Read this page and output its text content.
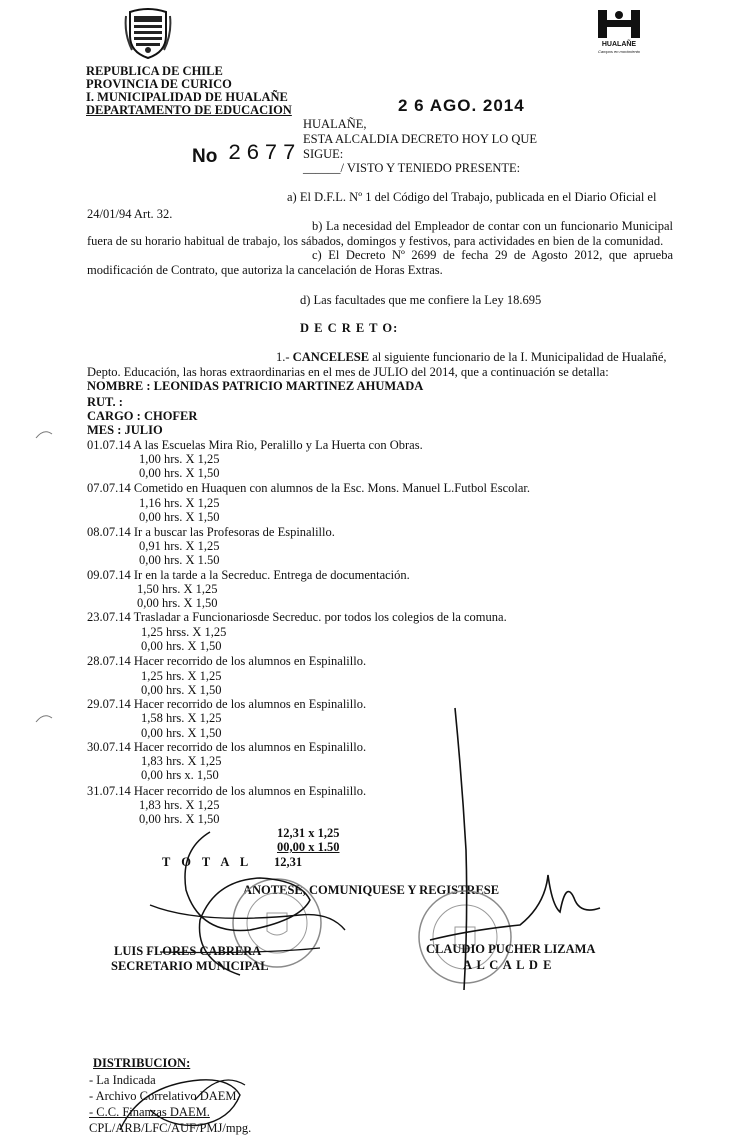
HUALAÑE
Campos en movimiento
REPUBLICA DE CHILE
PROVINCIA DE CURICO
I. MUNICIPALIDAD DE HUALAÑE
DEPARTAMENTO DE EDUCACION	2 6 AGO. 2014
No 2677
HUALAÑE,
ESTA ALCALDIA DECRETO HOY LO QUE
SIGUE:
______/ VISTO Y TENIEDO PRESENTE:
a) El D.F.L. Nº 1 del Código del Trabajo, publicada en el Diario Oficial el
24/01/94 Art. 32.
b) La necesidad del Empleador de contar con un funcionario Municipal fuera de su horario habitual de trabajo, los sábados, domingos y festivos, para actividades en bien de la comunidad.
c) El Decreto Nº 2699 de fecha 29 de Agosto 2012, que aprueba modificación de Contrato, que autoriza la cancelación de Horas Extras.
d) Las facultades que me confiere la Ley 18.695
D E C R E T O:
1.- CANCELESE al siguiente funcionario de la I. Municipalidad de Hualañé,
Depto. Educación, las horas extraordinarias en el mes de JULIO del 2014, que a continuación se detalla:
NOMBRE : LEONIDAS PATRICIO MARTINEZ AHUMADA
RUT. :
CARGO : CHOFER
MES : JULIO
01.07.14 A las Escuelas Mira Rio, Peralillo y La Huerta con Obras.
1,00 hrs. X 1,25
0,00 hrs. X 1,50
07.07.14 Cometido en Huaquen con alumnos de la Esc. Mons. Manuel L.Futbol Escolar.
1,16 hrs. X 1,25
0,00 hrs. X 1,50
08.07.14 Ir a buscar las Profesoras de Espinalillo.
0,91 hrs. X 1,25
0,00 hrs. X 1.50
09.07.14 Ir en la tarde a la Secreduc. Entrega de documentación.
1,50 hrs. X 1,25
0,00 hrs. X 1,50
23.07.14 Trasladar a Funcionariosde Secreduc. por todos los colegios de la comuna.
1,25 hrss. X 1,25
0,00 hrs. X 1,50
28.07.14 Hacer recorrido de los alumnos en Espinalillo.
1,25 hrs. X 1,25
0,00 hrs. X 1,50
29.07.14 Hacer recorrido de los alumnos en Espinalillo.
1,58 hrs. X 1,25
0,00 hrs. X 1,50
30.07.14 Hacer recorrido de los alumnos en Espinalillo.
1,83 hrs. X 1,25
0,00 hrs x. 1,50
31.07.14 Hacer recorrido de los alumnos en Espinalillo.
1,83 hrs. X 1,25
0,00 hrs. X 1,50
12,31 x 1,25
00,00 x 1.50
T O T A L 12,31
ANOTESE, COMUNIQUESE Y REGISTRESE
LUIS FLORES CABRERA
SECRETARIO MUNICIPAL
CLAUDIO PUCHER LIZAMA
A L C A L D E
DISTRIBUCION:
- La Indicada
- Archivo Correlativo DAEM.
- C.C. Finanzas DAEM.
CPL/ARB/LFC/AUF/PMJ/mpg.
